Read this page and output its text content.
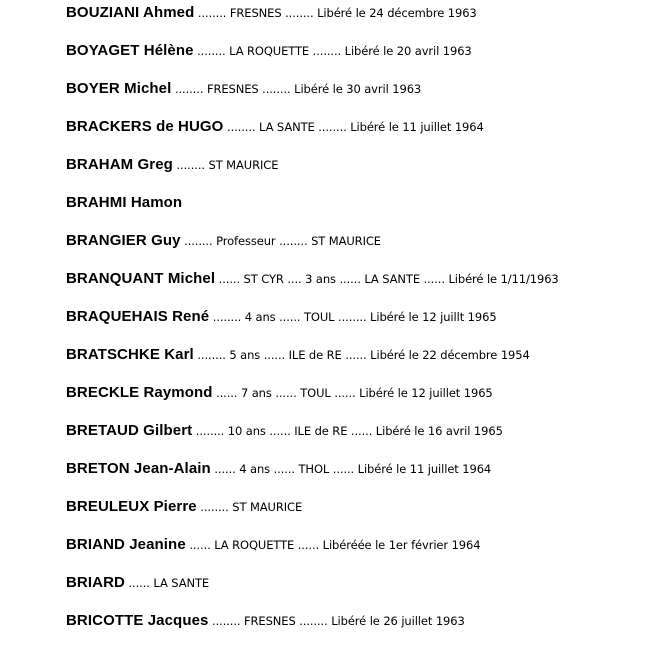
BOUZIANI Ahmed ........ FRESNES ........ Libéré le 24 décembre 1963
BOYAGET Hélène ........ LA ROQUETTE ........ Libéré le 20 avril 1963
BOYER Michel ........ FRESNES ........ Libéré le 30 avril 1963
BRACKERS de HUGO ........ LA SANTE ........ Libéré le 11 juillet 1964
BRAHAM Greg ........ ST MAURICE
BRAHMI Hamon
BRANGIER Guy ........ Professeur ........ ST MAURICE
BRANQUANT Michel ...... ST CYR .... 3 ans ...... LA SANTE ...... Libéré le 1/11/1963
BRAQUEHAIS René ........ 4 ans ...... TOUL ........ Libéré le 12 juillt 1965
BRATSCHKE Karl ........ 5 ans ...... ILE de RE ...... Libéré le 22 décembre 1954
BRECKLE Raymond ...... 7 ans ...... TOUL ...... Libéré le 12 juillet 1965
BRETAUD Gilbert ........ 10 ans ...... ILE de RE ...... Libéré le 16 avril 1965
BRETON Jean-Alain ...... 4 ans ...... THOL ...... Libéré le 11 juillet 1964
BREULEUX Pierre ........ ST MAURICE
BRIAND Jeanine ...... LA ROQUETTE ...... Libéréée le 1er février 1964
BRIARD ...... LA SANTE
BRICOTTE Jacques ........ FRESNES ........ Libéré le 26 juillet 1963
